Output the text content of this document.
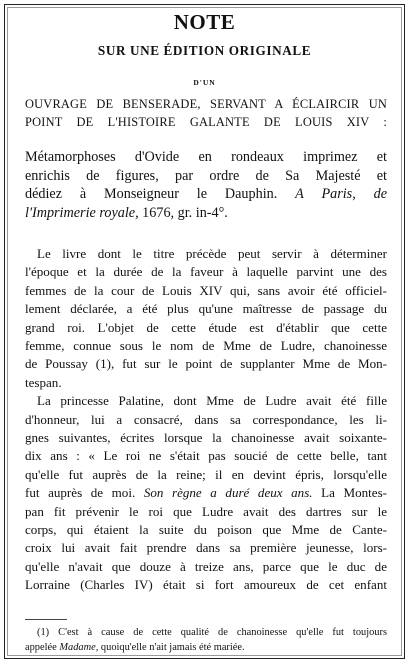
NOTE
SUR UNE ÉDITION ORIGINALE
D'UN
OUVRAGE DE BENSERADE, SERVANT A ÉCLAIRCIR UN
POINT DE L'HISTOIRE GALANTE DE LOUIS XIV :
Métamorphoses d'Ovide en rondeaux imprimez et
enrichis de figures, par ordre de Sa Majesté et
dédiez à Monseigneur le Dauphin. A Paris, de
l'Imprimerie royale, 1676, gr. in-4°.
Le livre dont le titre précède peut servir à déterminer
l'époque et la durée de la faveur à laquelle parvint une des
femmes de la cour de Louis XIV qui, sans avoir été officiel-
lement déclarée, a été plus qu'une maîtresse de passage du
grand roi. L'objet de cette étude est d'établir que cette
femme, connue sous le nom de Mme de Ludre, chanoinesse
de Poussay (1), fut sur le point de supplanter Mme de Mon-
tespan.
La princesse Palatine, dont Mme de Ludre avait été fille
d'honneur, lui a consacré, dans sa correspondance, les li-
gnes suivantes, écrites lorsque la chanoinesse avait soixante-
dix ans : « Le roi ne s'était pas soucié de cette belle, tant
qu'elle fut auprès de la reine; il en devint épris, lorsqu'elle
fut auprès de moi. Son règne a duré deux ans. La Montes-
pan fit prévenir le roi que Ludre avait des dartres sur le
corps, qui étaient la suite du poison que Mme de Cante-
croix lui avait fait prendre dans sa première jeunesse, lors-
qu'elle n'avait que douze à treize ans, parce que le duc de
Lorraine (Charles IV) était si fort amoureux de cet enfant
(1) C'est à cause de cette qualité de chanoinesse qu'elle fut toujours
appelée Madame, quoiqu'elle n'ait jamais été mariée.
